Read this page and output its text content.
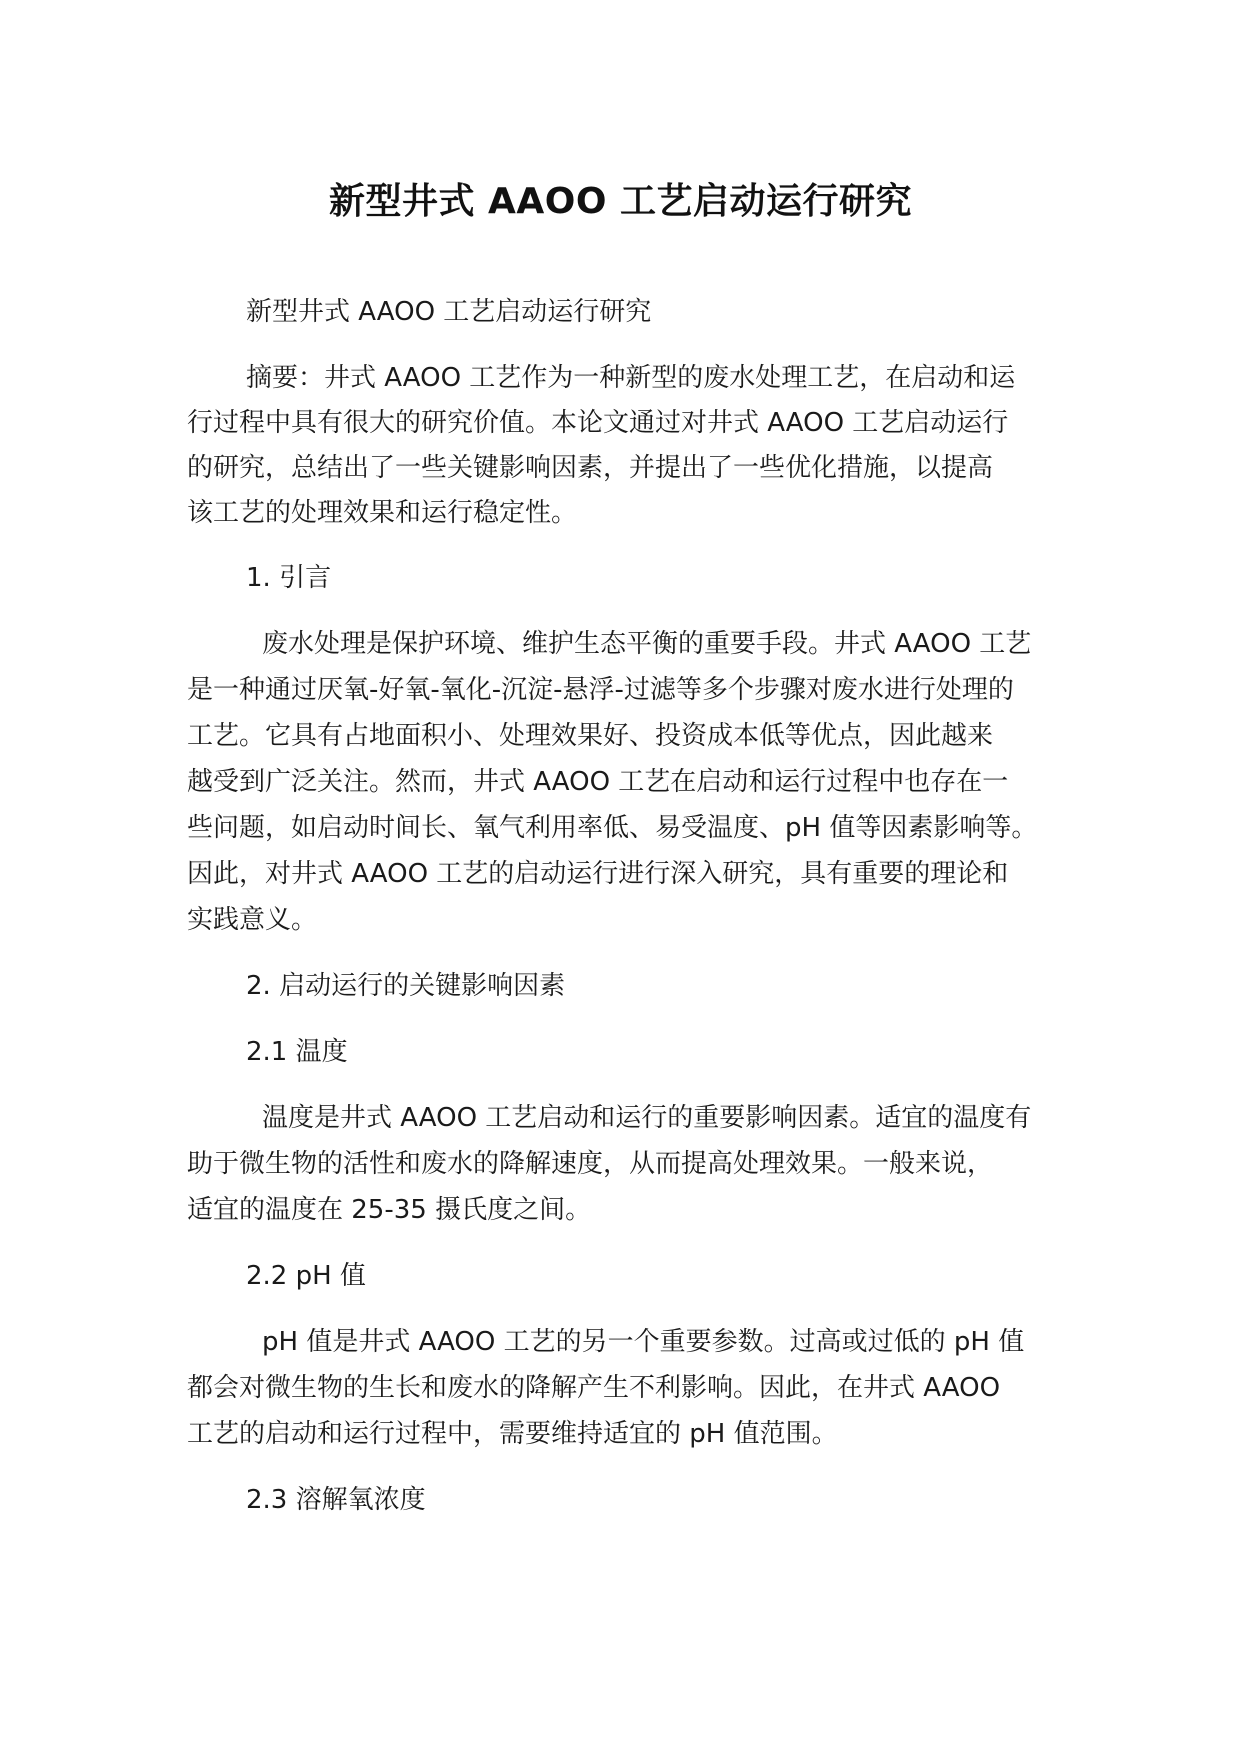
新型井式 AAOO 工艺启动运行研究
新型井式 AAOO 工艺启动运行研究
摘要：井式 AAOO 工艺作为一种新型的废水处理工艺，在启动和运
行过程中具有很大的研究价值。本论文通过对井式 AAOO 工艺启动运行
的研究，总结出了一些关键影响因素，并提出了一些优化措施，以提高
该工艺的处理效果和运行稳定性。
1. 引言
废水处理是保护环境、维护生态平衡的重要手段。井式 AAOO 工艺
是一种通过厌氧-好氧-氧化-沉淀-悬浮-过滤等多个步骤对废水进行处理的
工艺。它具有占地面积小、处理效果好、投资成本低等优点，因此越来
越受到广泛关注。然而，井式 AAOO 工艺在启动和运行过程中也存在一
些问题，如启动时间长、氧气利用率低、易受温度、pH 值等因素影响等。
因此，对井式 AAOO 工艺的启动运行进行深入研究，具有重要的理论和
实践意义。
2. 启动运行的关键影响因素
2.1 温度
温度是井式 AAOO 工艺启动和运行的重要影响因素。适宜的温度有
助于微生物的活性和废水的降解速度，从而提高处理效果。一般来说，
适宜的温度在 25-35 摄氏度之间。
2.2 pH 值
pH 值是井式 AAOO 工艺的另一个重要参数。过高或过低的 pH 值
都会对微生物的生长和废水的降解产生不利影响。因此，在井式 AAOO
工艺的启动和运行过程中，需要维持适宜的 pH 值范围。
2.3 溶解氧浓度
